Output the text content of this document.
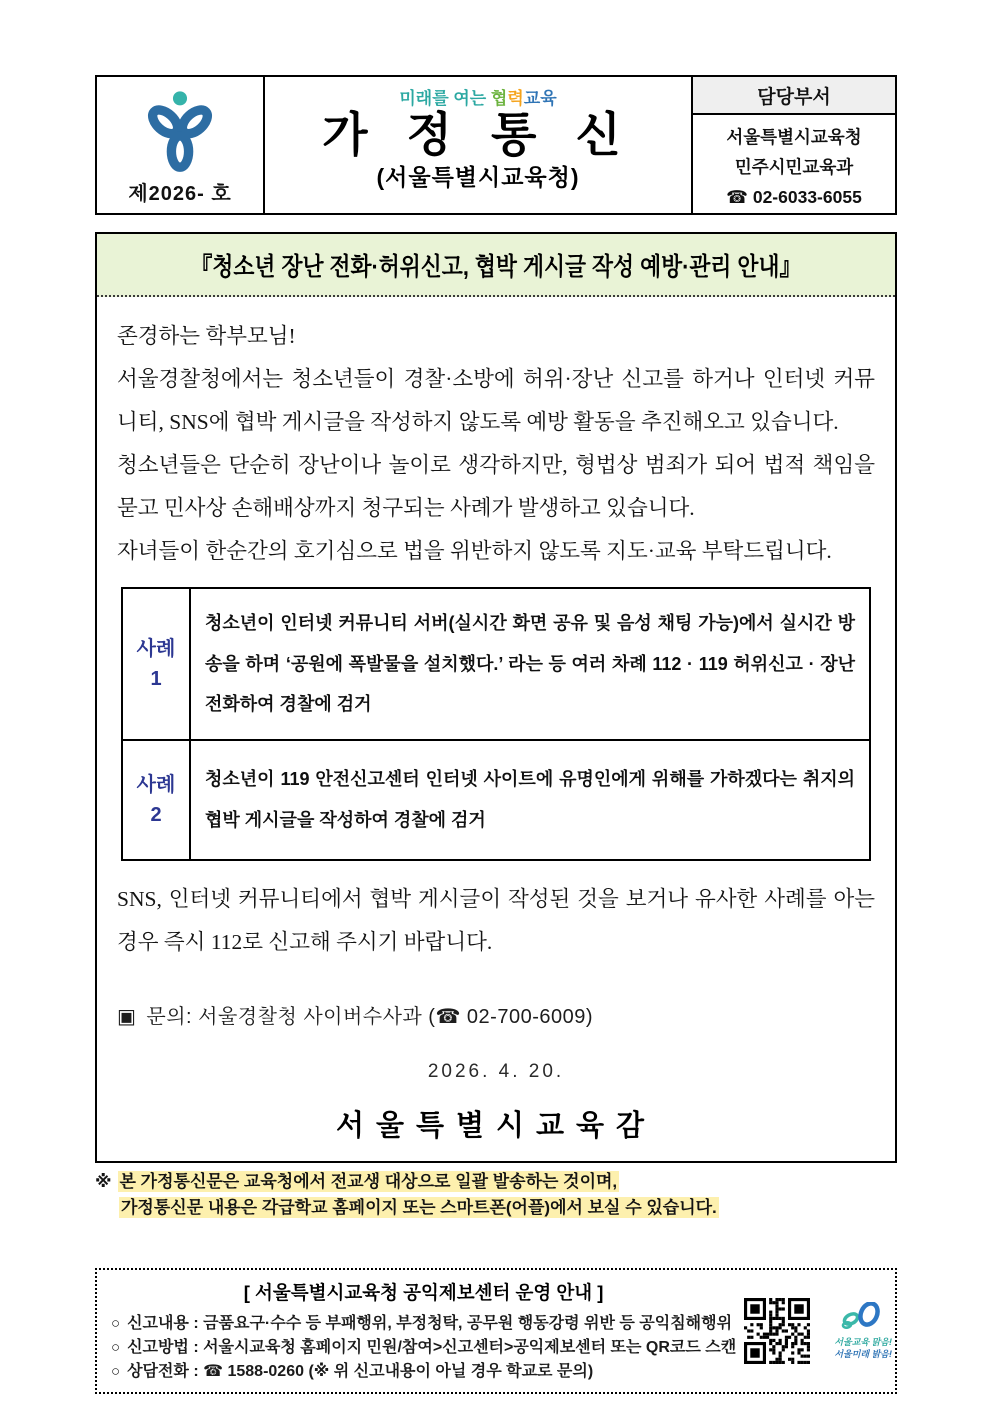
제2026- 호
미래를 여는 협력교육
가 정 통 신
(서울특별시교육청)
담당부서
서울특별시교육청
민주시민교육과
☎ 02-6033-6055
『청소년 장난 전화·허위신고, 협박 게시글 작성 예방·관리 안내』

존경하는 학부모님!

서울경찰청에서는 청소년들이 경찰·소방에 허위·장난 신고를 하거나 인터넷 커뮤니티, SNS에 협박 게시글을 작성하지 않도록 예방 활동을 추진해오고 있습니다.

청소년들은 단순히 장난이나 놀이로 생각하지만, 형법상 범죄가 되어 법적 책임을 묻고 민사상 손해배상까지 청구되는 사례가 발생하고 있습니다.

자녀들이 한순간의 호기심으로 법을 위반하지 않도록 지도·교육 부탁드립니다.

사례
1
청소년이 인터넷 커뮤니티 서버(실시간 화면 공유 및 음성 채팅 가능)에서 실시간 방송을 하며 ‘공원에 폭발물을 설치했다.’ 라는 등 여러 차례 112 · 119 허위신고 · 장난 전화하여 경찰에 검거
사례
2
청소년이 119 안전신고센터 인터넷 사이트에 유명인에게 위해를 가하겠다는 취지의 협박 게시글을 작성하여 경찰에 검거

SNS, 인터넷 커뮤니티에서 협박 게시글이 작성된 것을 보거나 유사한 사례를 아는 경우 즉시 112로 신고해 주시기 바랍니다.

▣ 문의: 서울경찰청 사이버수사과 (☎ 02-700-6009)
2026. 4. 20.
서울특별시교육감
※ 본 가정통신문은 교육청에서 전교생 대상으로 일괄 발송하는 것이며,
가정통신문 내용은 각급학교 홈페이지 또는 스마트폰(어플)에서 보실 수 있습니다.
[ 서울특별시교육청 공익제보센터 운영 안내 ]
○ 신고내용 : 금품요구·수수 등 부패행위, 부정청탁, 공무원 행동강령 위반 등 공익침해행위
○ 신고방법 : 서울시교육청 홈페이지 민원/참여>신고센터>공익제보센터 또는 QR코드 스캔
○ 상담전화 : ☎ 1588-0260 (※ 위 신고내용이 아닐 경우 학교로 문의)
서울교육 맑음!
서울미래 밝음!
